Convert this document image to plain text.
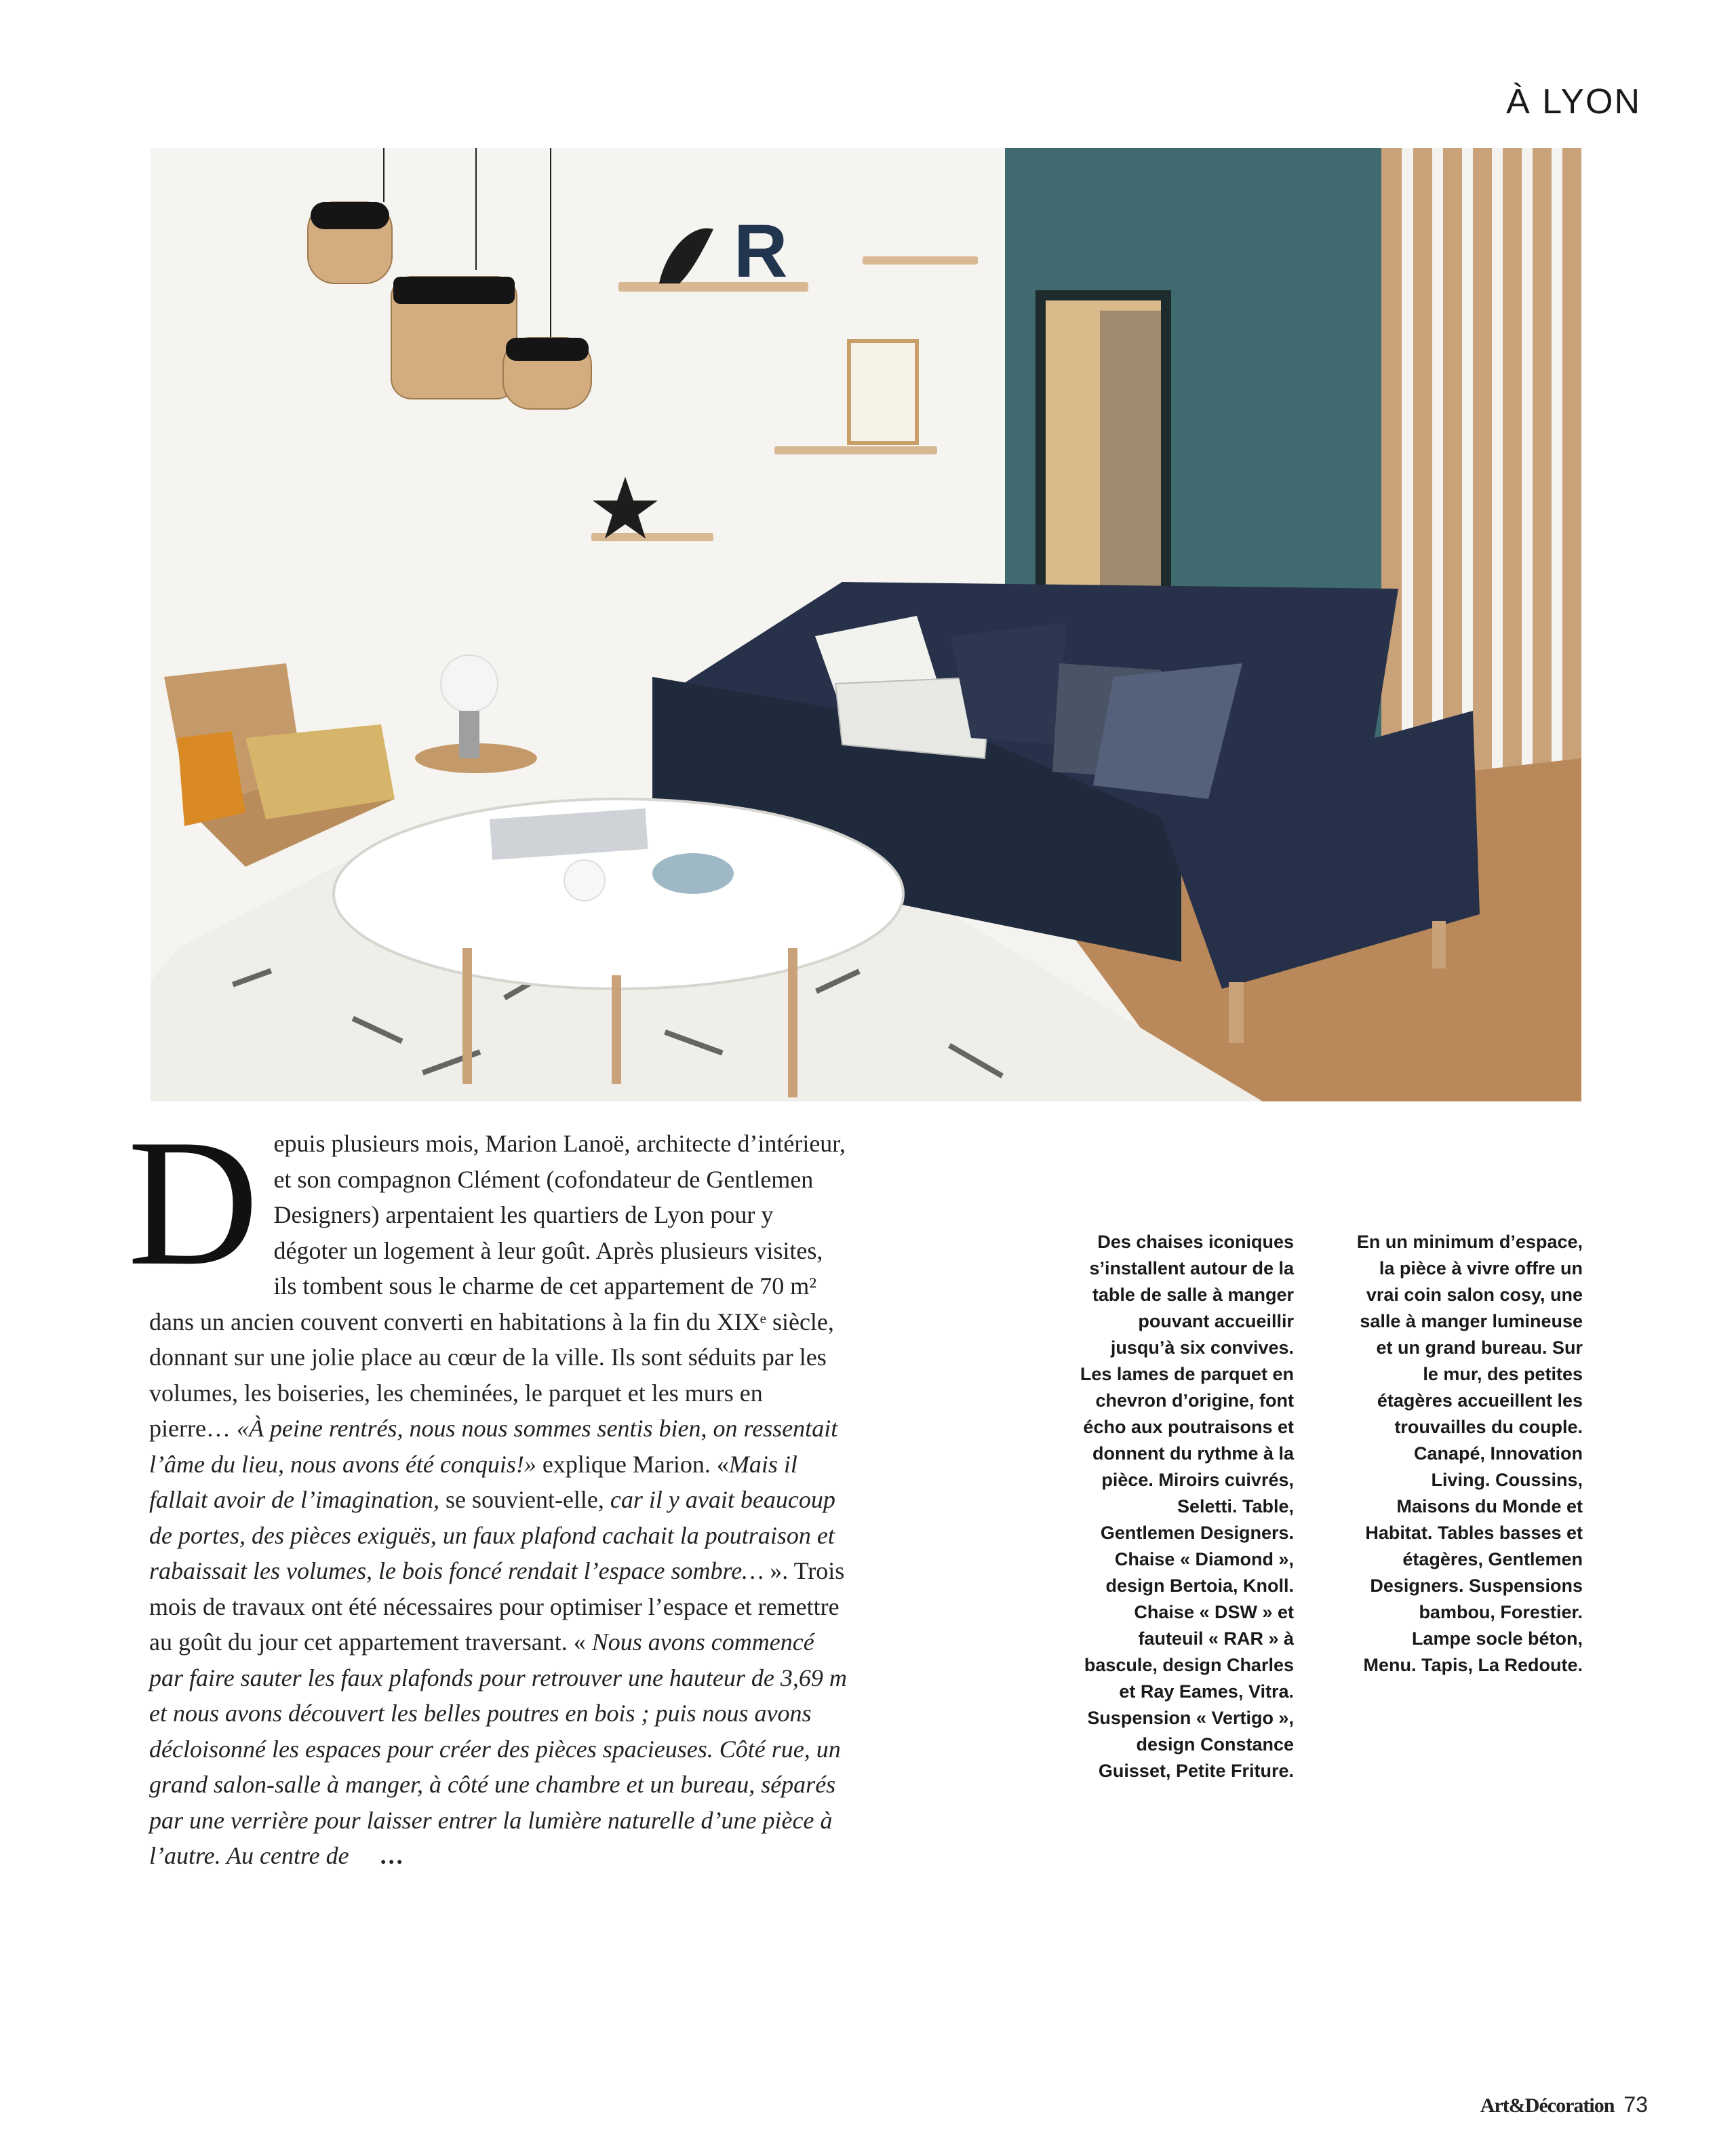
À LYON
R
D epuis plusieurs mois, Marion Lanoë, architecte d’intérieur, et son compagnon Clément (cofondateur de Gentlemen Designers) arpentaient les quartiers de Lyon pour y dégoter un logement à leur goût. Après plusieurs visites, ils tombent sous le charme de cet appartement de 70 m² dans un ancien couvent converti en habitations à la fin du XIXᵉ siècle, donnant sur une jolie place au cœur de la ville. Ils sont séduits par les volumes, les boiseries, les cheminées, le parquet et les murs en pierre… «À peine rentrés, nous nous sommes sentis bien, on ressentait l’âme du lieu, nous avons été conquis!» explique Marion. «Mais il fallait avoir de l’imagination, se souvient-elle, car il y avait beaucoup de portes, des pièces exiguës, un faux plafond cachait la poutraison et rabaissait les volumes, le bois foncé rendait l’espace sombre… ». Trois mois de travaux ont été nécessaires pour optimiser l’espace et remettre au goût du jour cet appartement traversant. « Nous avons commencé par faire sauter les faux plafonds pour retrouver une hauteur de 3,69 m et nous avons découvert les belles poutres en bois ; puis nous avons décloisonné les espaces pour créer des pièces spacieuses. Côté rue, un grand salon-salle à manger, à côté une chambre et un bureau, séparés par une verrière pour laisser entrer la lumière naturelle d’une pièce à l’autre. Au centre de ...
Des chaises iconiques s’installent autour de la table de salle à manger pouvant accueillir jusqu’à six convives. Les lames de parquet en chevron d’origine, font écho aux poutraisons et donnent du rythme à la pièce. Miroirs cuivrés, Seletti. Table, Gentlemen Designers. Chaise « Diamond », design Bertoia, Knoll. Chaise « DSW » et fauteuil « RAR » à bascule, design Charles et Ray Eames, Vitra. Suspension « Vertigo », design Constance Guisset, Petite Friture.
En un minimum d’espace, la pièce à vivre offre un vrai coin salon cosy, une salle à manger lumineuse et un grand bureau. Sur le mur, des petites étagères accueillent les trouvailles du couple. Canapé, Innovation Living. Coussins, Maisons du Monde et Habitat. Tables basses et étagères, Gentlemen Designers. Suspensions bambou, Forestier. Lampe socle béton, Menu. Tapis, La Redoute.
Art&Décoration 73
